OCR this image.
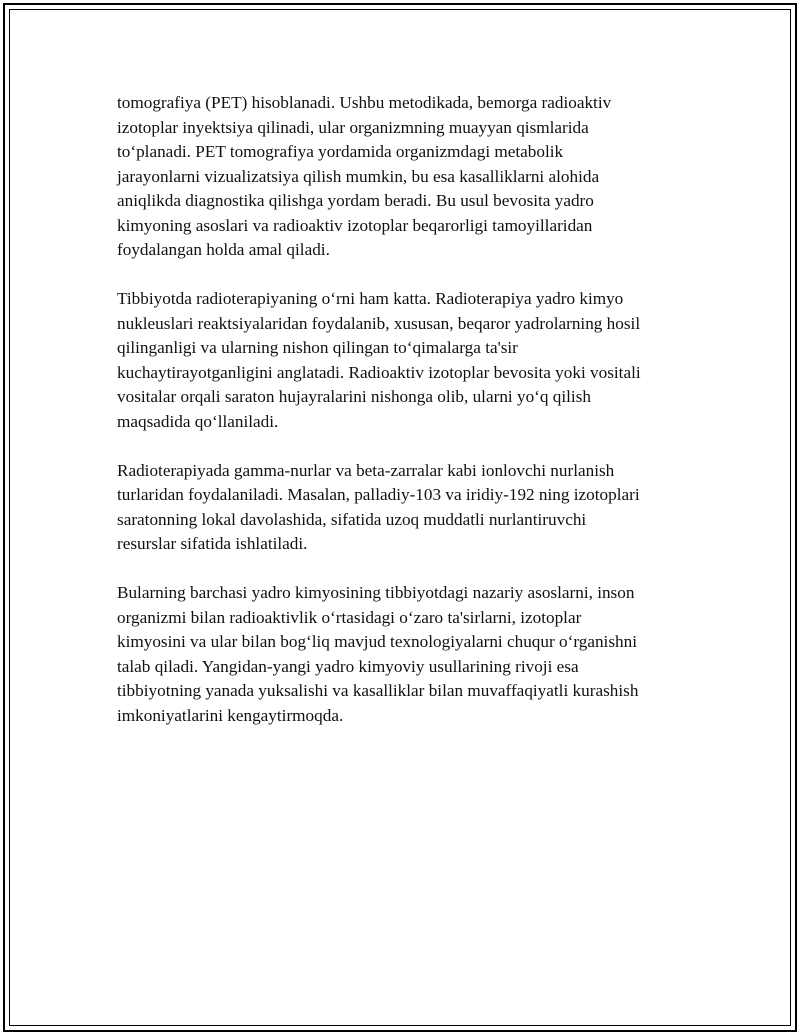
tomografiya (PET) hisoblanadi. Ushbu metodikada, bemorga radioaktiv
izotoplar inyektsiya qilinadi, ular organizmning muayyan qismlarida
to‘planadi. PET tomografiya yordamida organizmdagi metabolik
jarayonlarni vizualizatsiya qilish mumkin, bu esa kasalliklarni alohida
aniqlikda diagnostika qilishga yordam beradi. Bu usul bevosita yadro
kimyoning asoslari va radioaktiv izotoplar beqarorligi tamoyillaridan
foydalangan holda amal qiladi.

Tibbiyotda radioterapiyaning o‘rni ham katta. Radioterapiya yadro kimyo
nukleuslari reaktsiyalaridan foydalanib, xususan, beqaror yadrolarning hosil
qilinganligi va ularning nishon qilingan to‘qimalarga ta'sir
kuchaytirayotganligini anglatadi. Radioaktiv izotoplar bevosita yoki vositali
vositalar orqali saraton hujayralarini nishonga olib, ularni yo‘q qilish
maqsadida qo‘llaniladi.

Radioterapiyada gamma-nurlar va beta-zarralar kabi ionlovchi nurlanish
turlaridan foydalaniladi. Masalan, palladiy-103 va iridiy-192 ning izotoplari
saratonning lokal davolashida, sifatida uzoq muddatli nurlantiruvchi
resurslar sifatida ishlatiladi.

Bularning barchasi yadro kimyosining tibbiyotdagi nazariy asoslarni, inson
organizmi bilan radioaktivlik o‘rtasidagi o‘zaro ta'sirlarni, izotoplar
kimyosini va ular bilan bog‘liq mavjud texnologiyalarni chuqur o‘rganishni
talab qiladi. Yangidan-yangi yadro kimyoviy usullarining rivoji esa
tibbiyotning yanada yuksalishi va kasalliklar bilan muvaffaqiyatli kurashish
imkoniyatlarini kengaytirmoqda.
